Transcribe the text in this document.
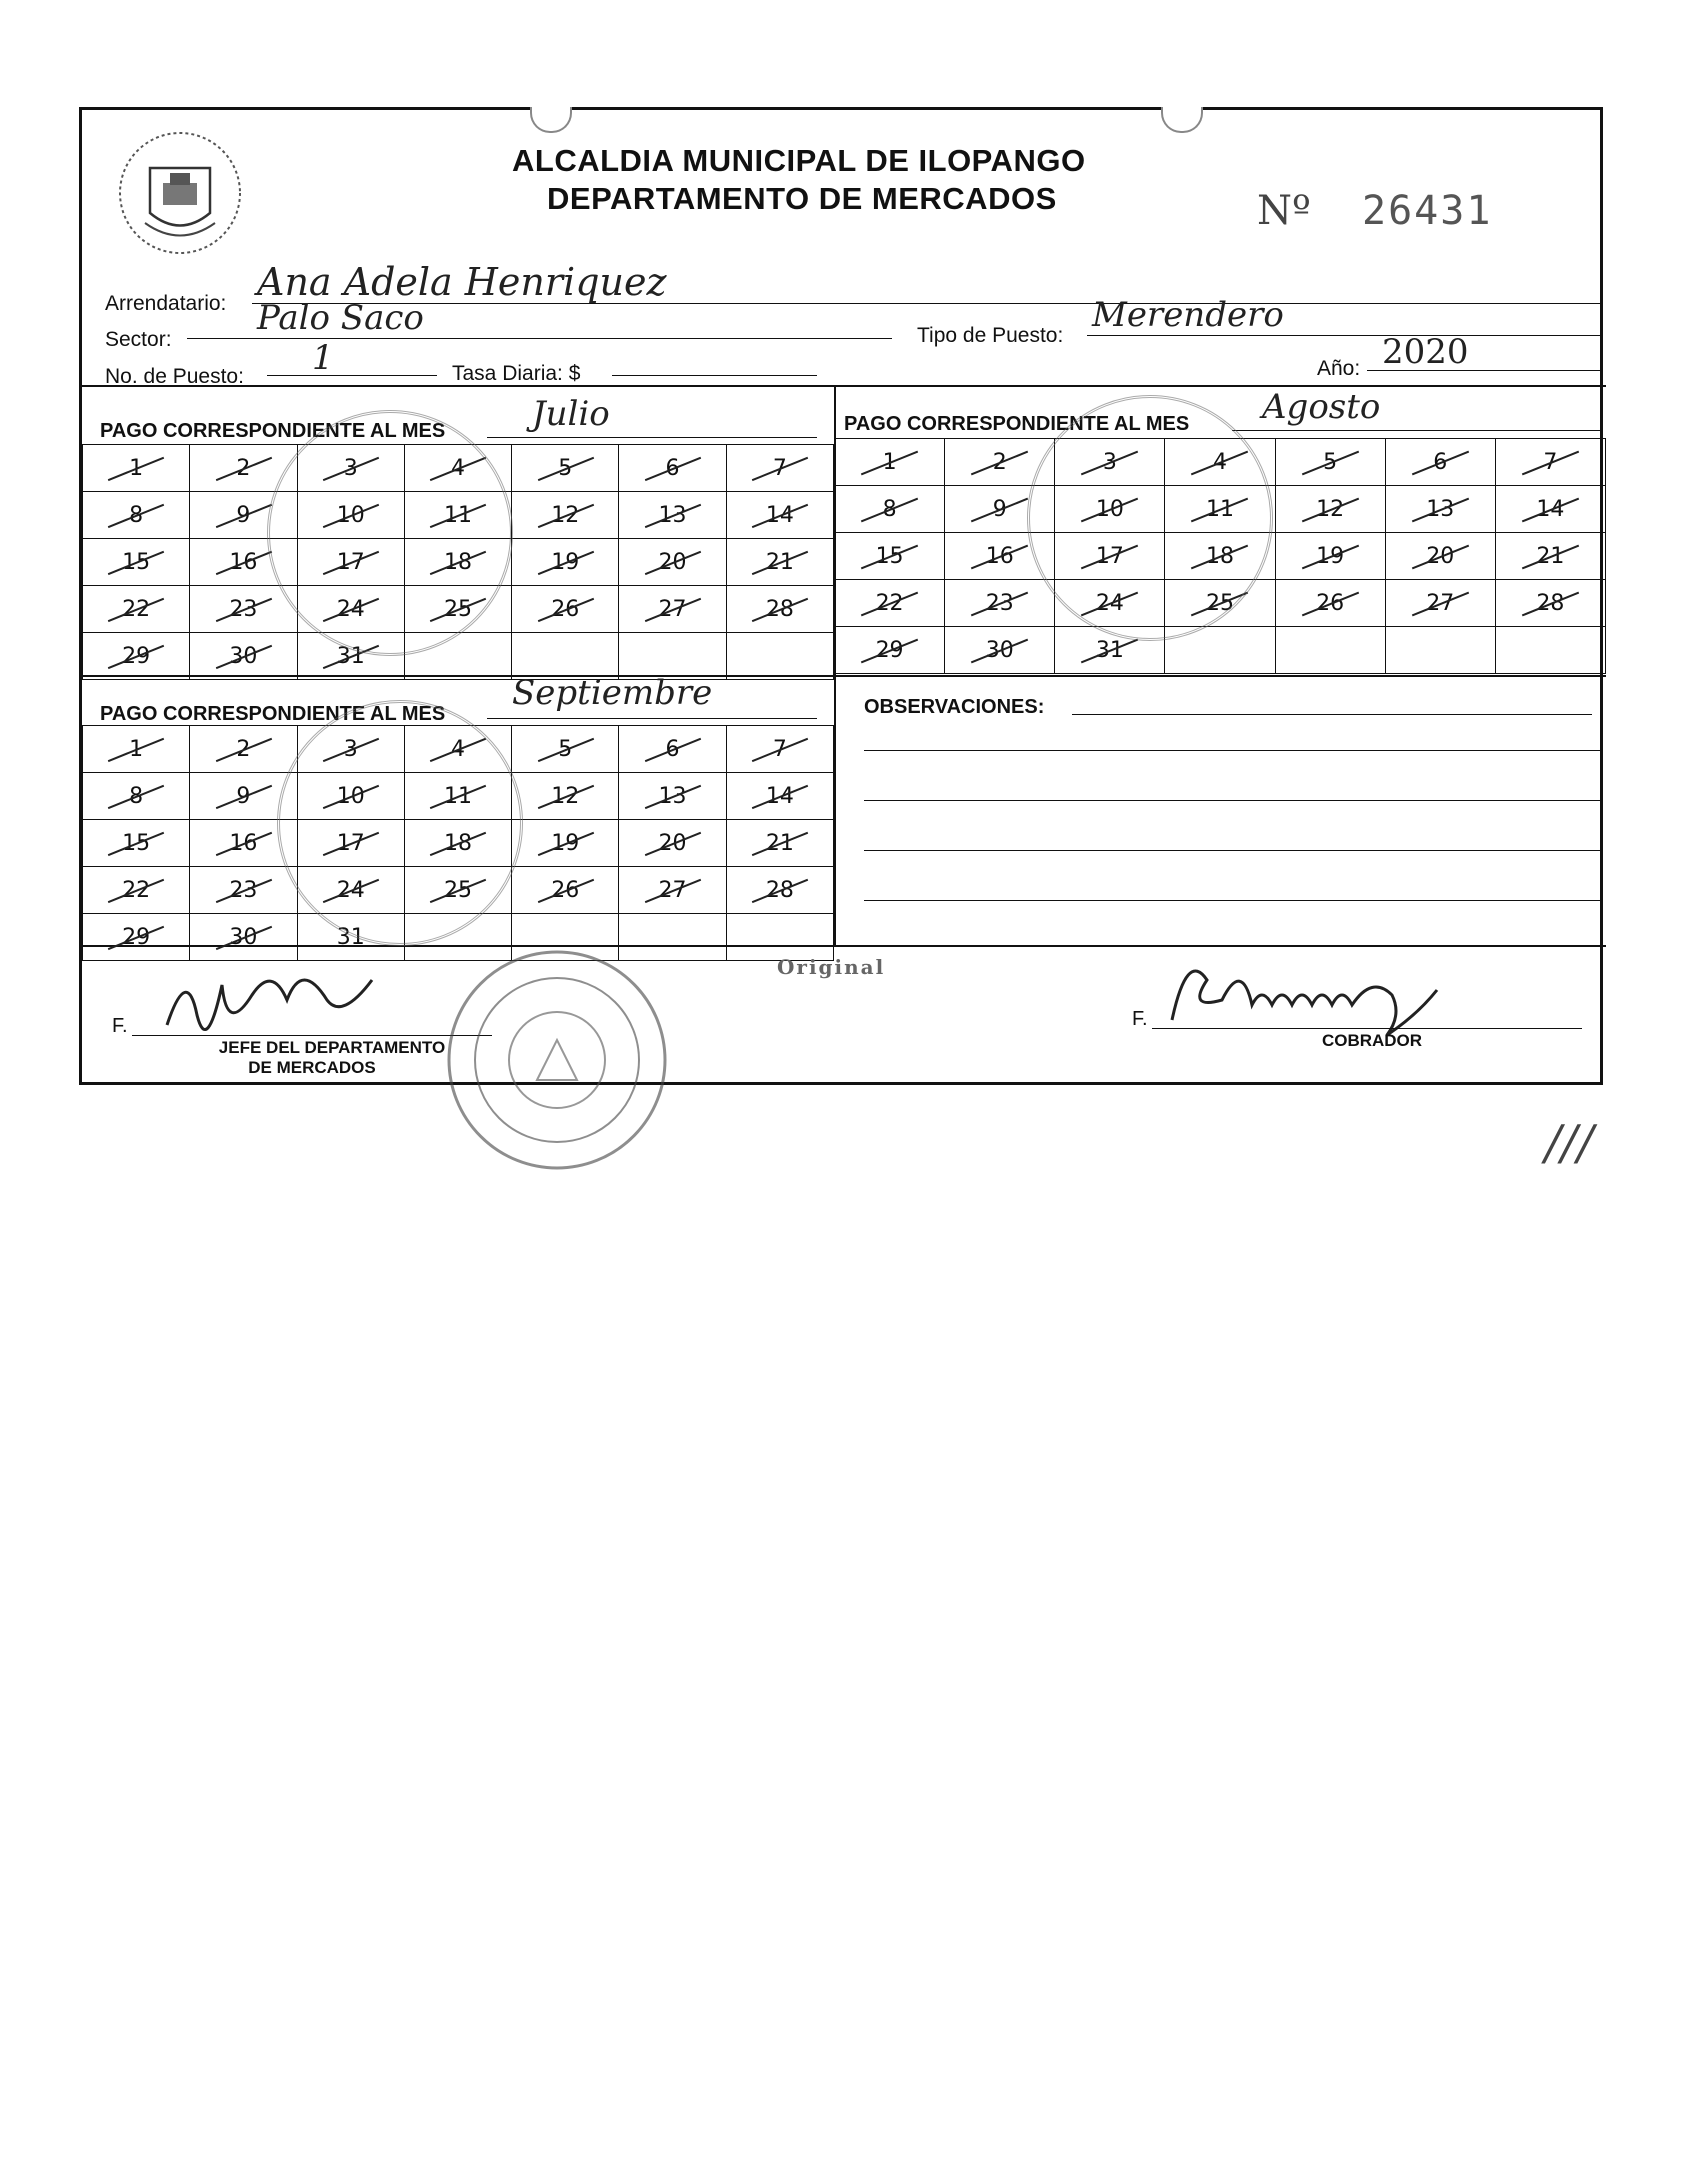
ALCALDIA MUNICIPAL DE ILOPANGO
DEPARTAMENTO DE MERCADOS	Nº 26431
Arrendatario: Ana Adela Henriquez
Sector:
Palo Saco	Tipo de Puesto:
Merendero
No. de Puesto: 1	Tasa Diaria: $	Año: 2020
PAGO CORRESPONDIENTE AL MES	Julio
1	2	3	4	5	6	7

8	9	10	11	12	13	14

15	16	17	18	19	20	21

22	23	24	25	26	27	28

29	30	31

PAGO CORRESPONDIENTE AL MES Agosto
1	2	3	4	5	6	7

8	9	10	11	12	13	14

15	16	17	18	19	20	21

22	23	24	25	26	27	28

29	30	31

PAGO CORRESPONDIENTE AL MES
Septiembre
1	2	3	4	5	6	7

8	9	10	11	12	13	14

15	16	17	18	19	20	21

22	23	24	25	26	27	28

29	30	31				
OBSERVACIONES:
Original
F.
JEFE DEL DEPARTAMENTO
DE MERCADOS
F.
COBRADOR
///
